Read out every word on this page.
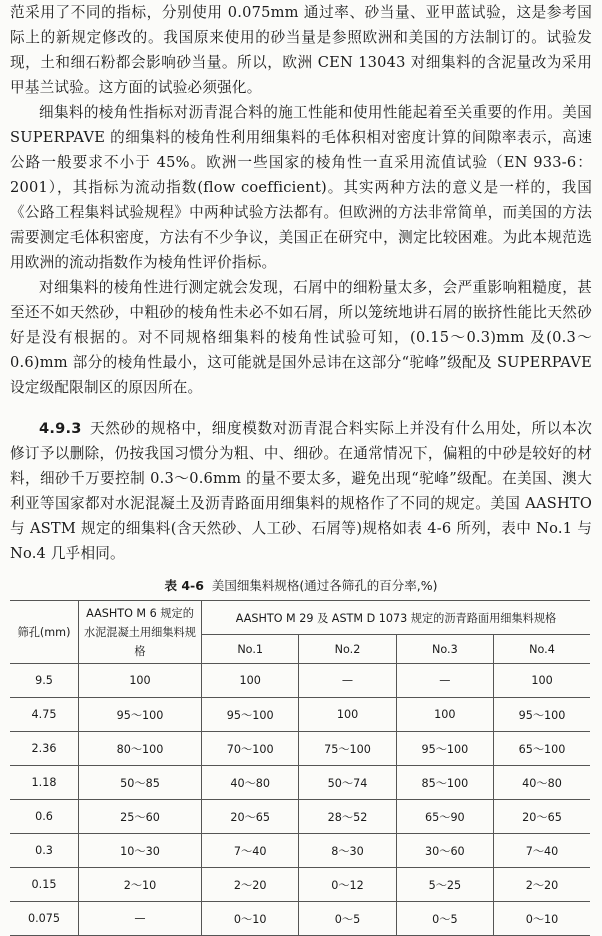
范采用了不同的指标，分别使用 0.075mm 通过率、砂当量、亚甲蓝试验，这是参考国际上的新规定修改的。我国原来使用的砂当量是参照欧洲和美国的方法制订的。试验发现，土和细石粉都会影响砂当量。所以，欧洲 CEN 13043 对细集料的含泥量改为采用甲基兰试验。这方面的试验必须强化。

细集料的棱角性指标对沥青混合料的施工性能和使用性能起着至关重要的作用。美国 SUPERPAVE 的细集料的棱角性利用细集料的毛体积相对密度计算的间隙率表示，高速公路一般要求不小于 45%。欧洲一些国家的棱角性一直采用流值试验（EN 933-6：2001），其指标为流动指数(flow coefficient)。其实两种方法的意义是一样的，我国《公路工程集料试验规程》中两种试验方法都有。但欧洲的方法非常简单，而美国的方法需要测定毛体积密度，方法有不少争议，美国正在研究中，测定比较困难。为此本规范选用欧洲的流动指数作为棱角性评价指标。

对细集料的棱角性进行测定就会发现，石屑中的细粉量太多，会严重影响粗糙度，甚至还不如天然砂，中粗砂的棱角性未必不如石屑，所以笼统地讲石屑的嵌挤性能比天然砂好是没有根据的。对不同规格细集料的棱角性试验可知，(0.15～0.3)mm 及(0.3～0.6)mm 部分的棱角性最小，这可能就是国外忌讳在这部分“驼峰”级配及 SUPERPAVE 设定级配限制区的原因所在。

4.9.3 天然砂的规格中，细度模数对沥青混合料实际上并没有什么用处，所以本次修订予以删除，仍按我国习惯分为粗、中、细砂。在通常情况下，偏粗的中砂是较好的材料，细砂千万要控制 0.3～0.6mm 的量不要太多，避免出现“驼峰”级配。在美国、澳大利亚等国家都对水泥混凝土及沥青路面用细集料的规格作了不同的规定。美国 AASHTO 与 ASTM 规定的细集料(含天然砂、人工砂、石屑等)规格如表 4-6 所列，表中 No.1 与 No.4 几乎相同。

表 4-6 美国细集料规格(通过各筛孔的百分率,%)
筛孔(mm)	AASHTO M 6 规定的水泥混凝土用细集料规格	AASHTO M 29 及 ASTM D 1073 规定的沥青路面用细集料规格			
		No.1	No.2	No.3	No.4
9.5	100	100	—	—	100
4.75	95～100	95～100	100	100	95～100
2.36	80～100	70～100	75～100	95～100	65～100
1.18	50～85	40～80	50～74	85～100	40～80
0.6	25～60	20～65	28～52	65～90	20～65
0.3	10～30	7～40	8～30	30～60	7～40
0.15	2～10	2～20	0～12	5～25	2～20
0.075	—	0～10	0～5	0～5	0～10
